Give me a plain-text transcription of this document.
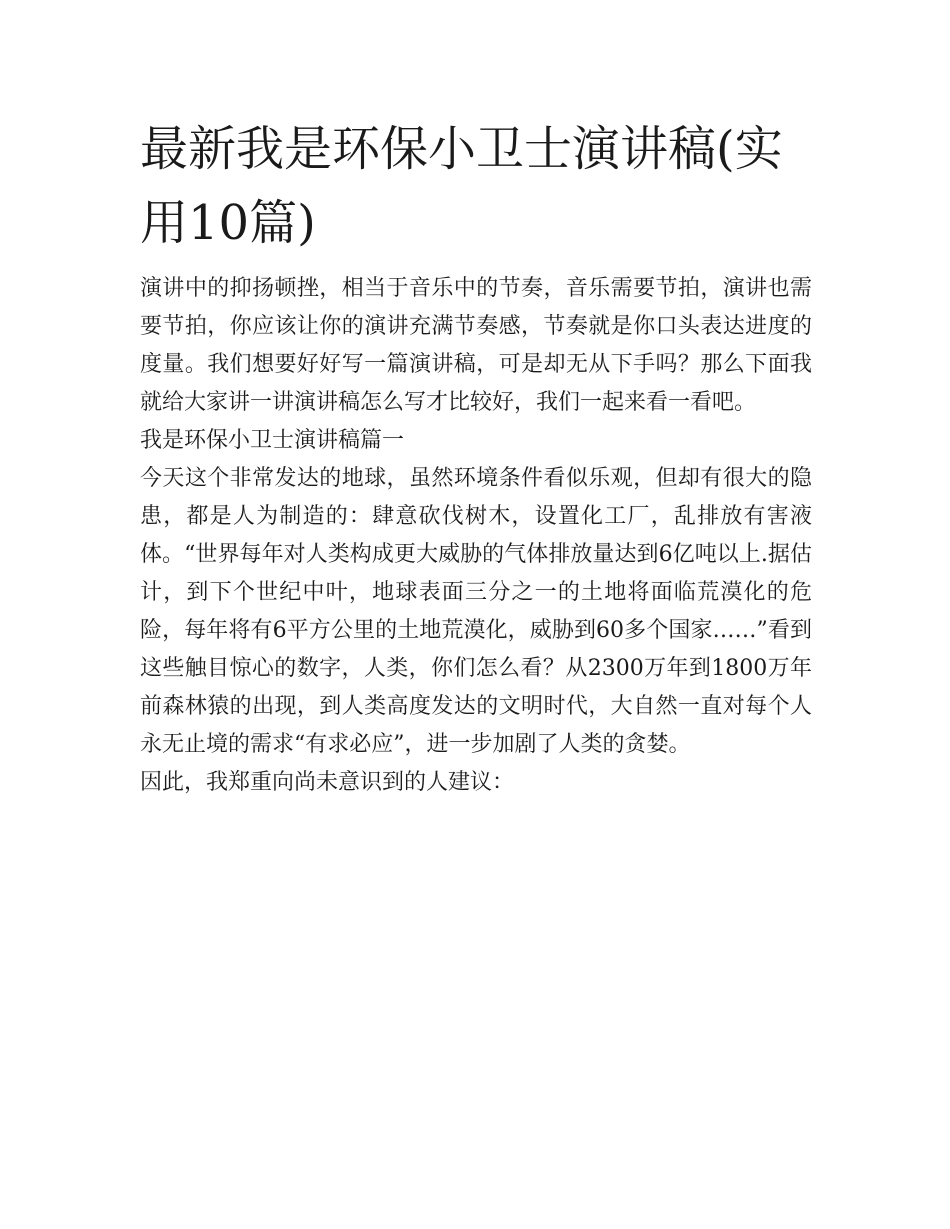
最新我是环保小卫士演讲稿(实用10篇)

演讲中的抑扬顿挫，相当于音乐中的节奏，音乐需要节拍，演讲也需要节拍，你应该让你的演讲充满节奏感，节奏就是你口头表达进度的度量。我们想要好好写一篇演讲稿，可是却无从下手吗？那么下面我就给大家讲一讲演讲稿怎么写才比较好，我们一起来看一看吧。

我是环保小卫士演讲稿篇一

今天这个非常发达的地球，虽然环境条件看似乐观，但却有很大的隐患，都是人为制造的：肆意砍伐树木，设置化工厂，乱排放有害液体。“世界每年对人类构成更大威胁的气体排放量达到6亿吨以上.据估计，到下个世纪中叶，地球表面三分之一的土地将面临荒漠化的危险，每年将有6平方公里的土地荒漠化，威胁到60多个国家……”看到这些触目惊心的数字，人类，你们怎么看？从2300万年到1800万年前森林猿的出现，到人类高度发达的文明时代，大自然一直对每个人永无止境的需求“有求必应”，进一步加剧了人类的贪婪。

因此，我郑重向尚未意识到的人建议：
